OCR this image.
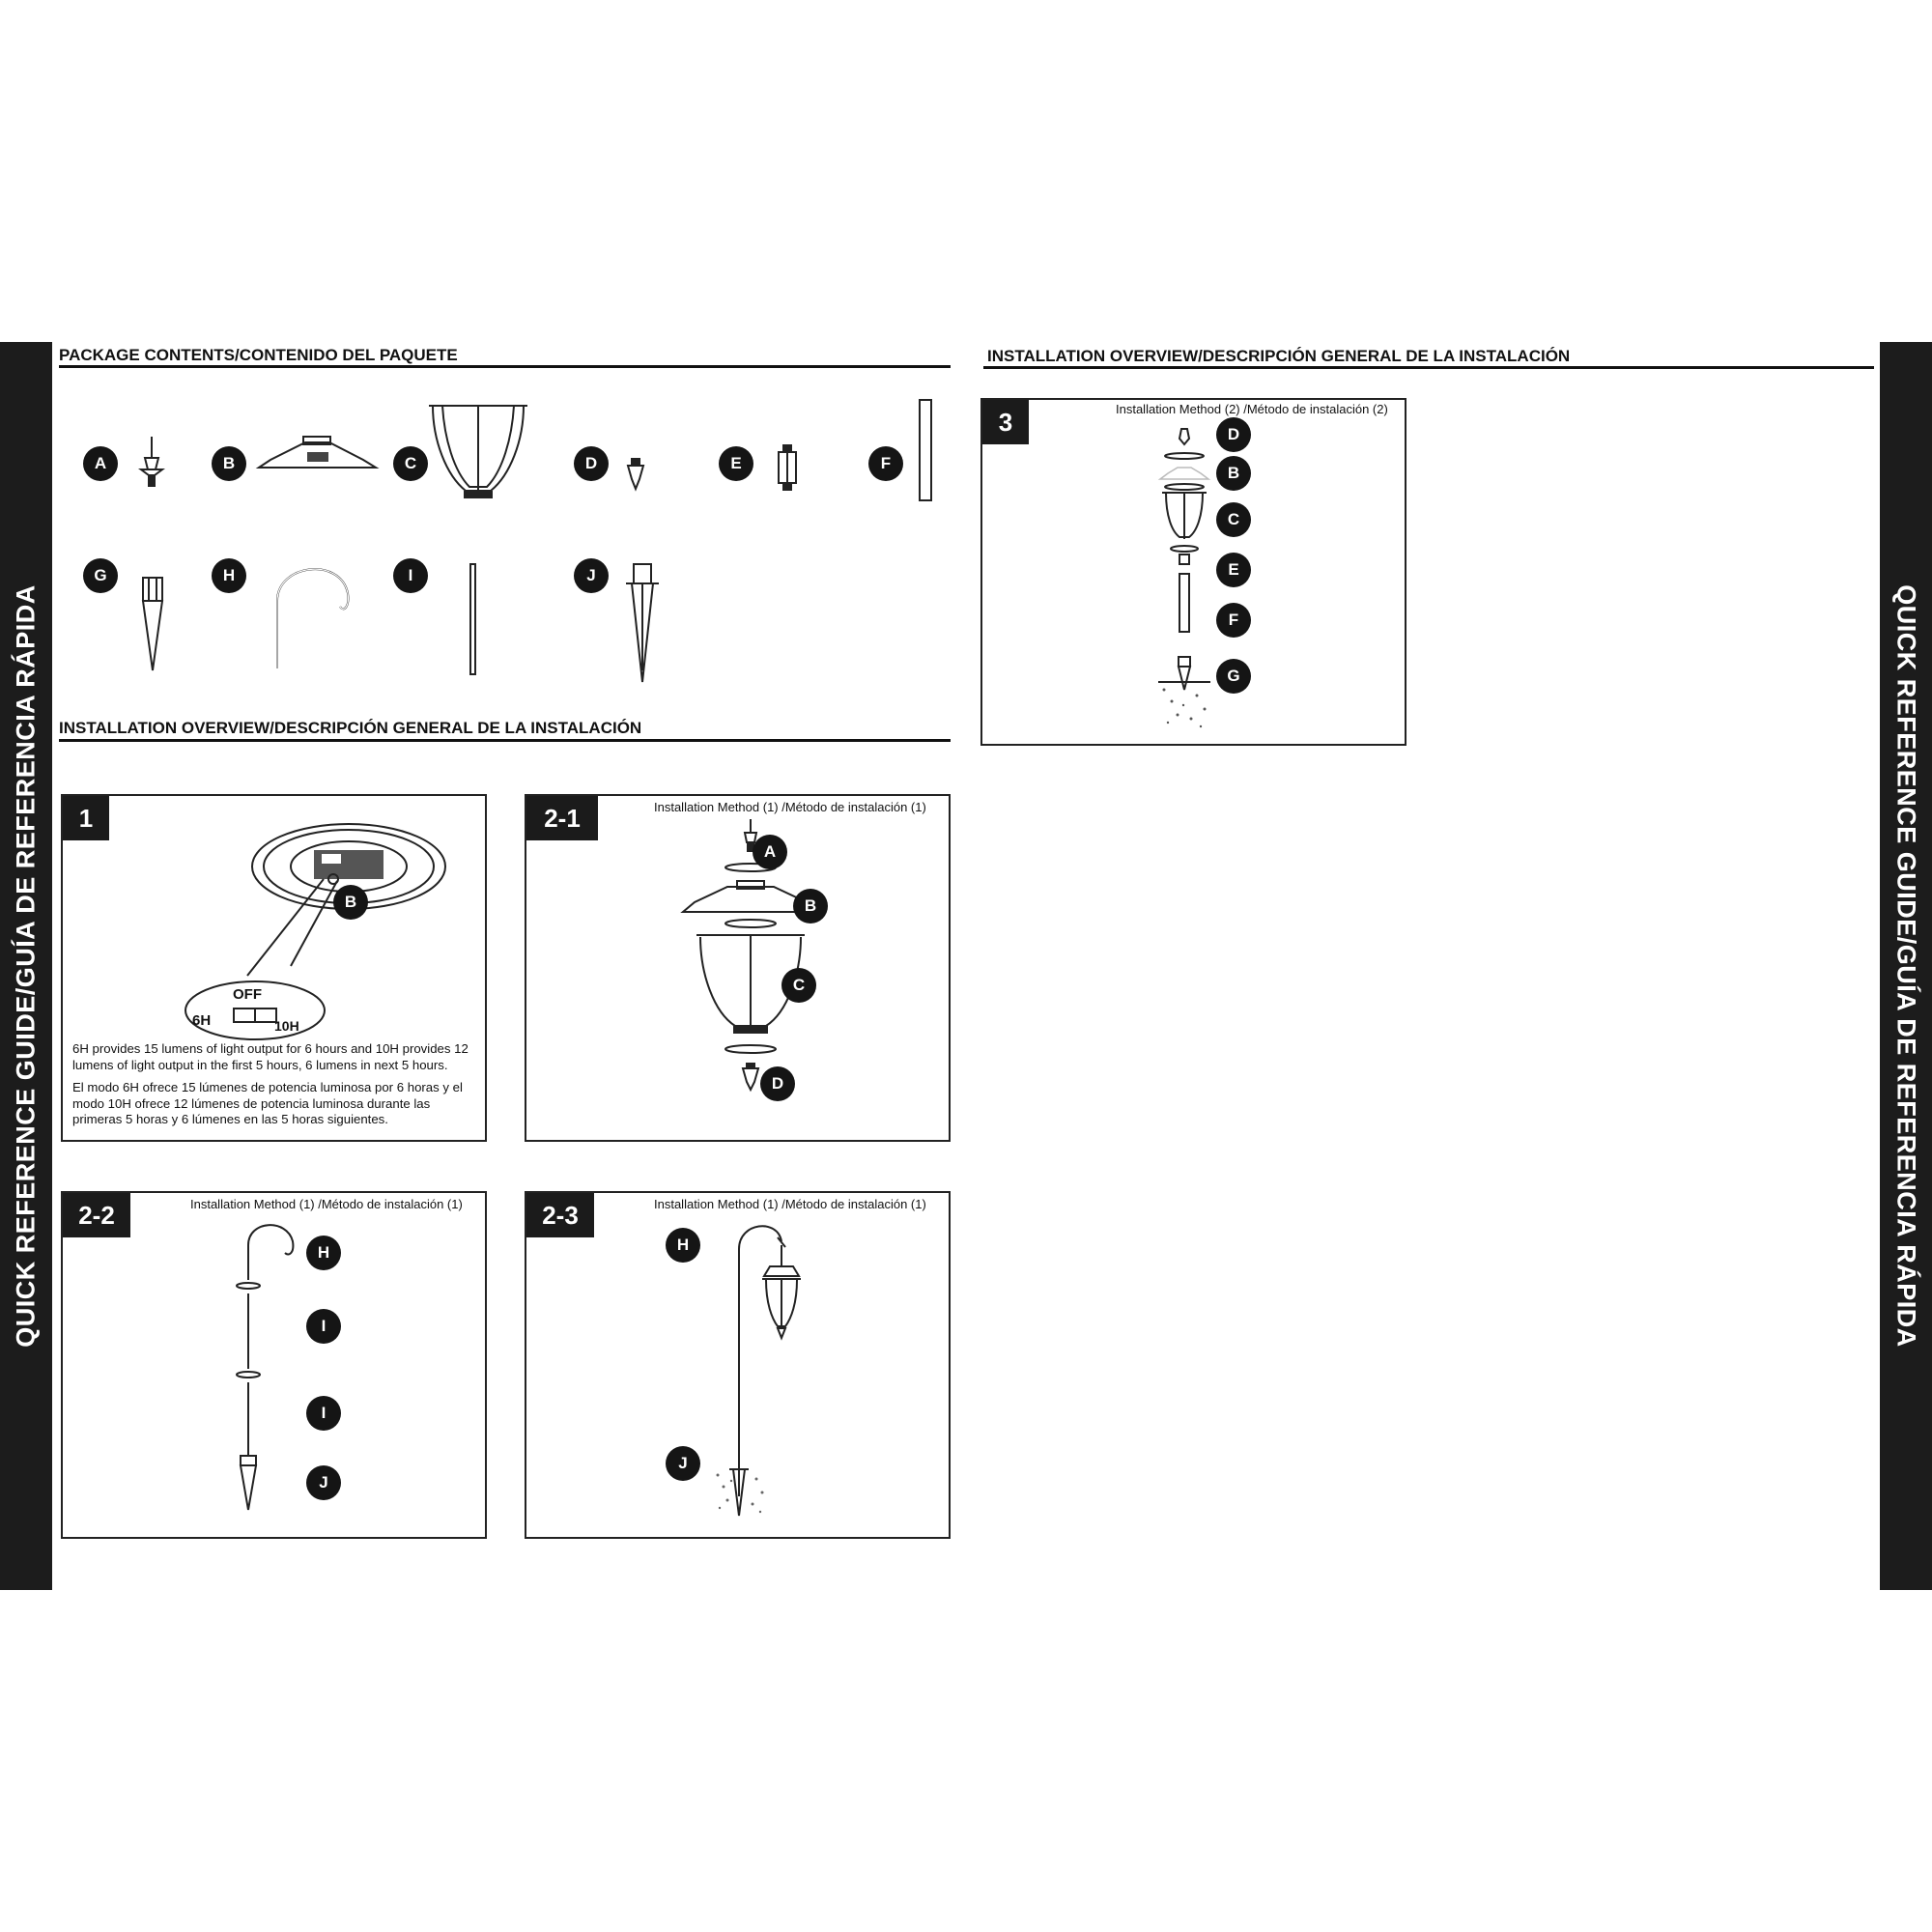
QUICK REFERENCE GUIDE/GUÍA DE REFERENCIA RÁPIDA	QUICK REFERENCE GUIDE/GUÍA DE REFERENCIA RÁPIDA
PACKAGE CONTENTS/CONTENIDO DEL PAQUETE
A	B	C	D	E	F
G	H	I	J
INSTALLATION OVERVIEW/DESCRIPCIÓN GENERAL DE LA INSTALACIÓN
INSTALLATION OVERVIEW/DESCRIPCIÓN GENERAL DE LA INSTALACIÓN
1
B
6H
OFF
10H
6H provides 15 lumens of light output for 6 hours and 10H provides 12 lumens of light output in the first 5 hours, 6 lumens in next 5 hours.
El modo 6H ofrece 15 lúmenes de potencia luminosa por 6 horas y el modo 10H ofrece 12 lúmenes de potencia luminosa durante las primeras 5 horas y 6 lúmenes en las 5 horas siguientes.
2-1	Installation Method (1) /Método de instalación (1)
A
B
C
D
2-2	Installation Method (1) /Método de instalación (1)
H
I
I
J
2-3	Installation Method (1) /Método de instalación (1)
H
J
3	Installation Method (2) /Método de instalación (2)
D
B
C
E
F
G
